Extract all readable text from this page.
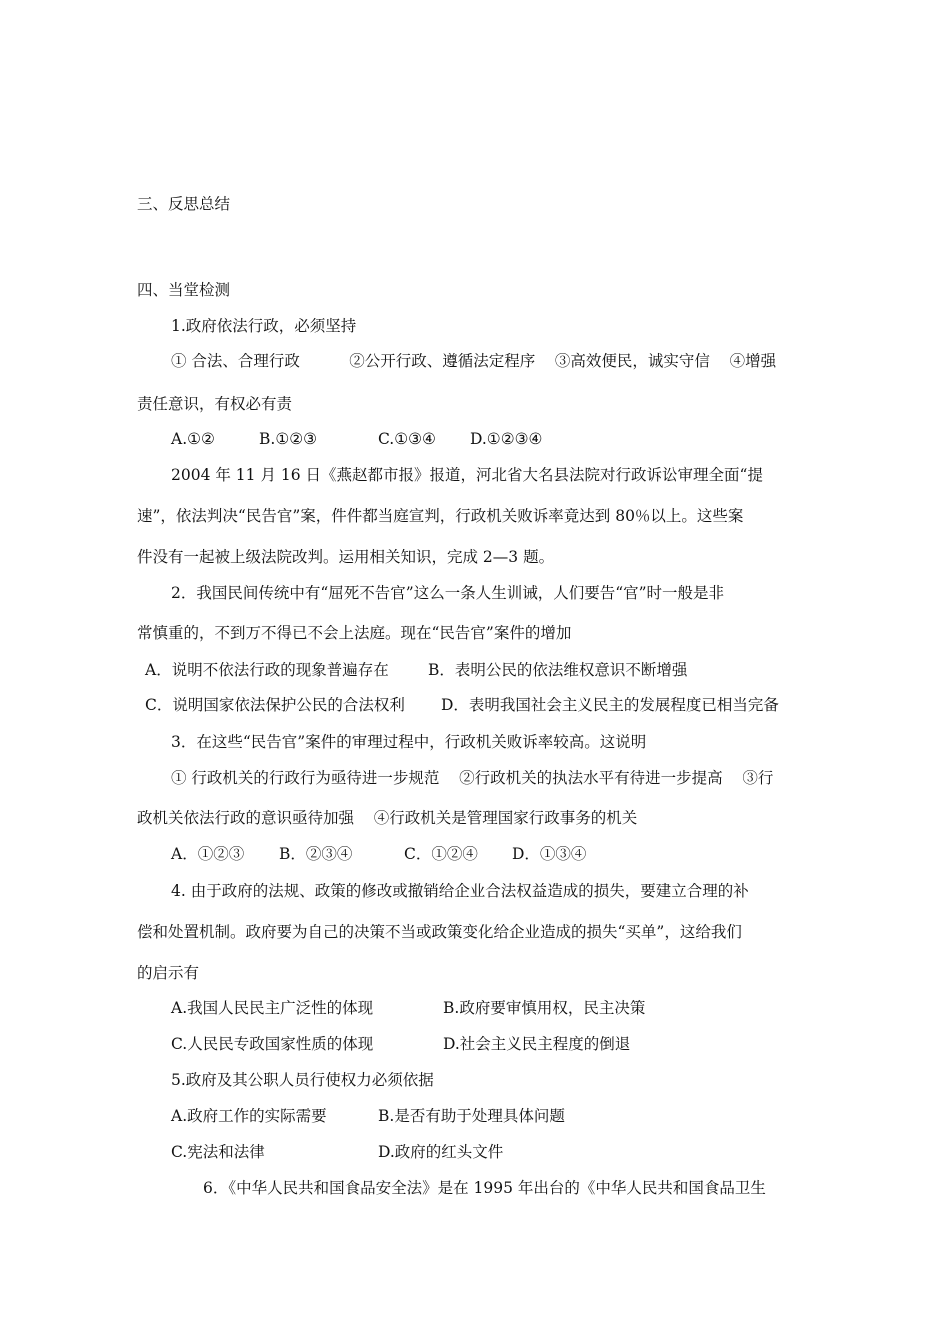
三、反思总结
四、当堂检测
1.政府依法行政，必须坚持
① 合法、合理行政          ②公开行政、遵循法定程序    ③高效便民，诚实守信    ④增强
责任意识，有权必有责
A.①②	B.①②③	C.①③④ D.①②③④
2004 年 11 月 16 日《燕赵都市报》报道，河北省大名县法院对行政诉讼审理全面“提
速”，依法判决“民告官”案，件件都当庭宣判，行政机关败诉率竟达到 80％以上。这些案
件没有一起被上级法院改判。运用相关知识，完成 2—3 题。
2．我国民间传统中有“屈死不告官”这么一条人生训诫，人们要告“官”时一般是非
常慎重的，不到万不得已不会上法庭。现在“民告官”案件的增加
A．说明不依法行政的现象普遍存在	B．表明公民的依法维权意识不断增强
C．说明国家依法保护公民的合法权利 D．表明我国社会主义民主的发展程度已相当完备
3．在这些“民告官”案件的审理过程中，行政机关败诉率较高。这说明
① 行政机关的行政行为亟待进一步规范    ②行政机关的执法水平有待进一步提高    ③行
政机关依法行政的意识亟待加强    ④行政机关是管理国家行政事务的机关
A．①②③ B．②③④	C．①②④ D．①③④
4. 由于政府的法规、政策的修改或撤销给企业合法权益造成的损失，要建立合理的补
偿和处置机制。政府要为自己的决策不当或政策变化给企业造成的损失“买单”，这给我们
的启示有
A.我国人民民主广泛性的体现	B.政府要审慎用权，民主决策
C.人民民专政国家性质的体现	D.社会主义民主程度的倒退
5.政府及其公职人员行使权力必须依据
A.政府工作的实际需要	B.是否有助于处理具体问题
C.宪法和法律	D.政府的红头文件
6．《中华人民共和国食品安全法》是在 1995 年出台的《中华人民共和国食品卫生
